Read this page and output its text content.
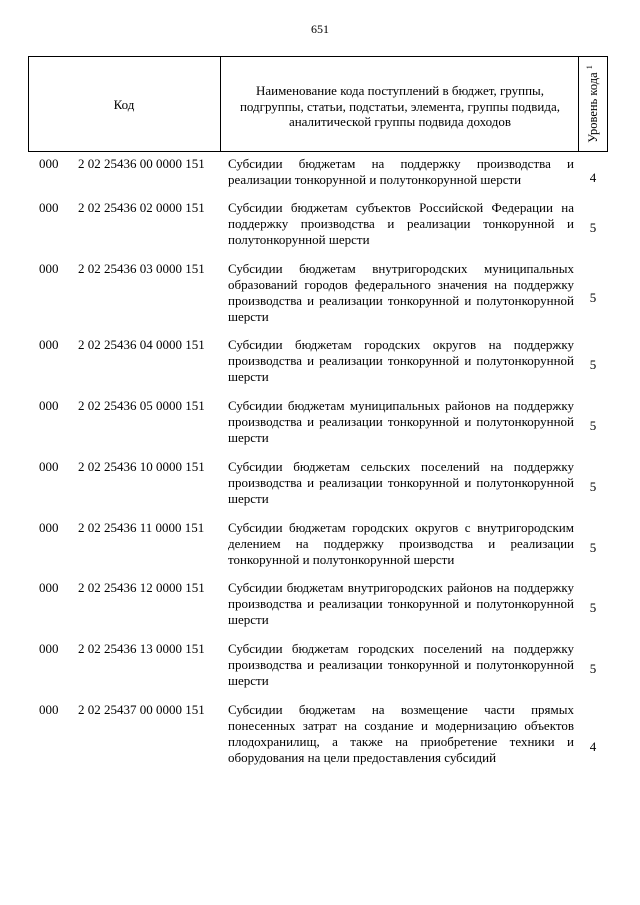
651
Код
Наименование кода поступлений в бюджет, группы, подгруппы, статьи, подстатьи, элемента, группы подвида, аналитической группы подвида доходов	Уровень кода $^1$
000 2 02 25436 00 0000 151 Субсидии бюджетам на поддержку производства и реализации тонкорунной и полутонкорунной шерсти	4
000 2 02 25436 02 0000 151 Субсидии бюджетам субъектов Российской Федерации на поддержку производства и реализации тонкорунной и полутонкорунной шерсти
5
000 2 02 25436 03 0000 151 Субсидии бюджетам внутригородских муниципальных образований городов федерального значения на поддержку производства и реализации тонкорунной и полутонкорунной шерсти
5
000 2 02 25436 04 0000 151 Субсидии бюджетам городских округов на поддержку производства и реализации тонкорунной и полутонкорунной шерсти
5
000 2 02 25436 05 0000 151 Субсидии бюджетам муниципальных районов на поддержку производства и реализации тонкорунной и полутонкорунной шерсти
5
000 2 02 25436 10 0000 151 Субсидии бюджетам сельских поселений на поддержку производства и реализации тонкорунной и полутонкорунной шерсти
5
000 2 02 25436 11 0000 151 Субсидии бюджетам городских округов с внутригородским делением на поддержку производства и реализации тонкорунной и полутонкорунной шерсти
5
000 2 02 25436 12 0000 151 Субсидии бюджетам внутригородских районов на поддержку производства и реализации тонкорунной и полутонкорунной шерсти
5
000 2 02 25436 13 0000 151 Субсидии бюджетам городских поселений на поддержку производства и реализации тонкорунной и полутонкорунной шерсти
5
000 2 02 25437 00 0000 151 Субсидии бюджетам на возмещение части прямых понесенных затрат на создание и модернизацию объектов плодохранилищ, а также на приобретение техники и оборудования на цели предоставления субсидий
4
